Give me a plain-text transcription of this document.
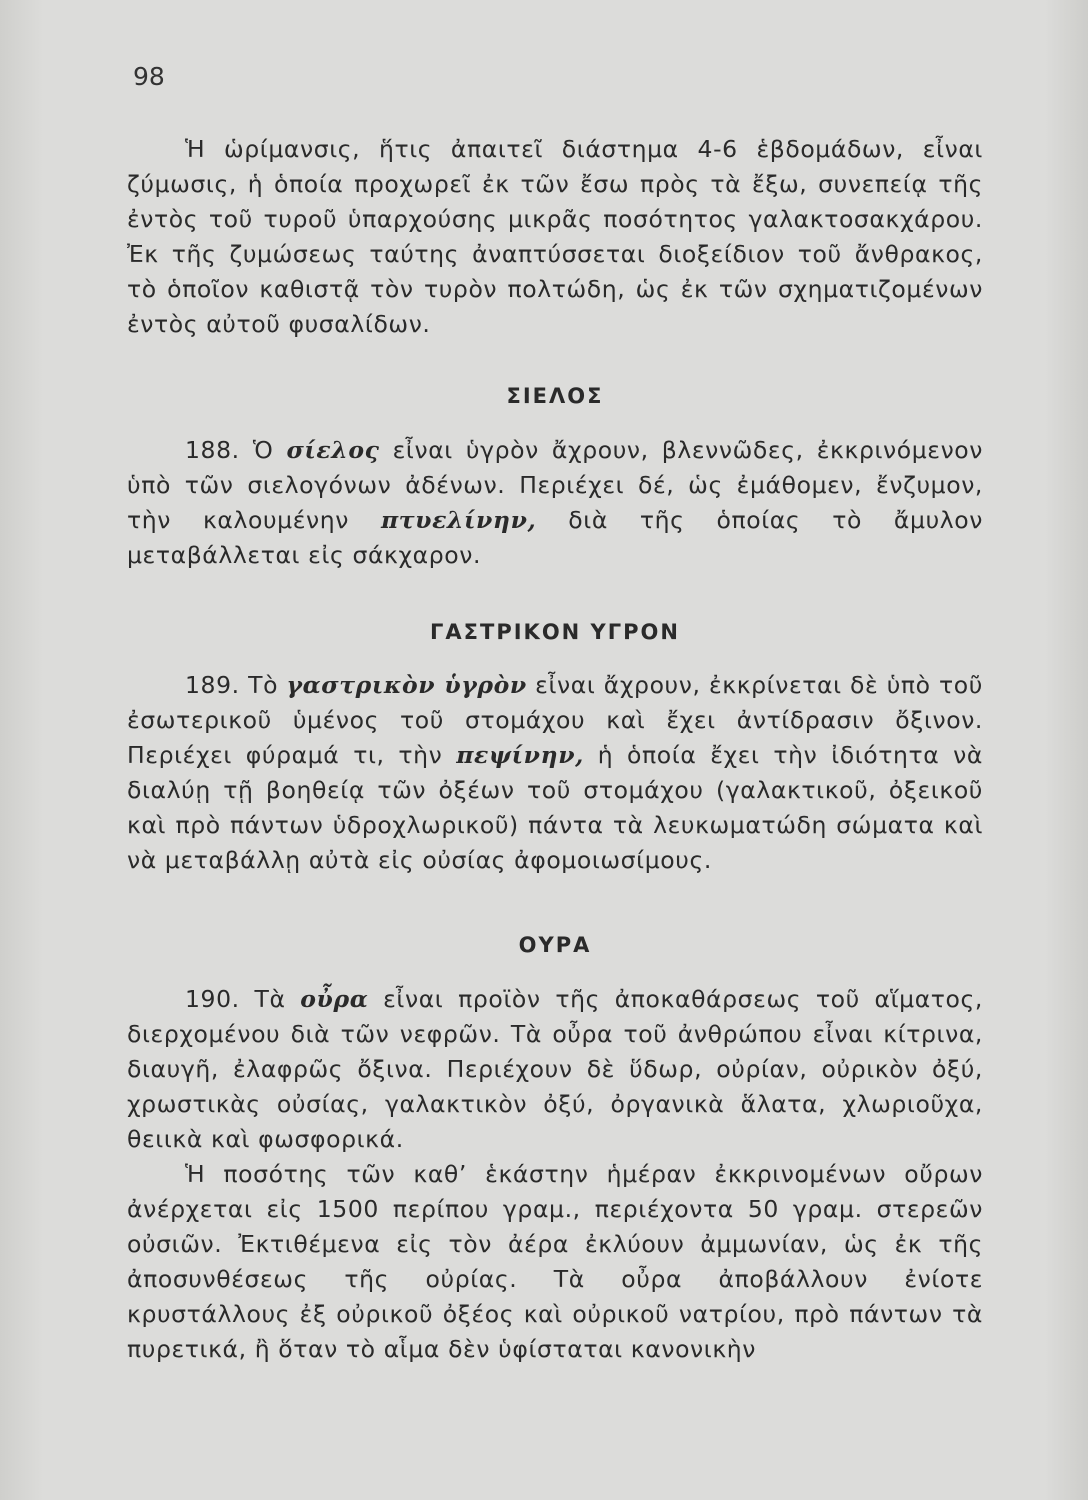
98

Ἡ ὡρίμανσις, ἥτις ἀπαιτεῖ διάστημα 4-6 ἑβδομάδων, εἶναι ζύμωσις, ἡ ὁποία προχωρεῖ ἐκ τῶν ἔσω πρὸς τὰ ἔξω, συνεπείᾳ τῆς ἐντὸς τοῦ τυροῦ ὑπαρχούσης μικρᾶς ποσότητος γαλακτοσακχάρου. Ἐκ τῆς ζυμώσεως ταύτης ἀναπτύσσεται διοξείδιον τοῦ ἄνθρακος, τὸ ὁποῖον καθιστᾷ τὸν τυρὸν πολτώδη, ὡς ἐκ τῶν σχηματιζομένων ἐντὸς αὐτοῦ φυσαλίδων.

ΣΙΕΛΟΣ

188. Ὁ σίελος εἶναι ὑγρὸν ἄχρουν, βλεννῶδες, ἐκκρινόμενον ὑπὸ τῶν σιελογόνων ἀδένων. Περιέχει δέ, ὡς ἐμάθομεν, ἔνζυμον, τὴν καλουμένην πτυελίνην, διὰ τῆς ὁποίας τὸ ἄμυλον μεταβάλλεται εἰς σάκχαρον.

ΓΑΣΤΡΙΚΟΝ ΥΓΡΟΝ

189. Τὸ γαστρικὸν ὑγρὸν εἶναι ἄχρουν, ἐκκρίνεται δὲ ὑπὸ τοῦ ἐσωτερικοῦ ὑμένος τοῦ στομάχου καὶ ἔχει ἀντίδρασιν ὄξινον. Περιέχει φύραμά τι, τὴν πεψίνην, ἡ ὁποία ἔχει τὴν ἰδιότητα νὰ διαλύῃ τῇ βοηθείᾳ τῶν ὀξέων τοῦ στομάχου (γαλακτικοῦ, ὀξεικοῦ καὶ πρὸ πάντων ὑδροχλωρικοῦ) πάντα τὰ λευκωματώδη σώματα καὶ νὰ μεταβάλλῃ αὐτὰ εἰς οὐσίας ἀφομοιωσίμους.

ΟΥΡΑ

190. Τὰ οὖρα εἶναι προϊὸν τῆς ἀποκαθάρσεως τοῦ αἵματος, διερχομένου διὰ τῶν νεφρῶν. Τὰ οὖρα τοῦ ἀνθρώπου εἶναι κίτρινα, διαυγῆ, ἐλαφρῶς ὄξινα. Περιέχουν δὲ ὕδωρ, οὐρίαν, οὐρικὸν ὀξύ, χρωστικὰς οὐσίας, γαλακτικὸν ὀξύ, ὀργανικὰ ἅλατα, χλωριοῦχα, θειικὰ καὶ φωσφορικά.

Ἡ ποσότης τῶν καθ’ ἑκάστην ἡμέραν ἐκκρινομένων οὔρων ἀνέρχεται εἰς 1500 περίπου γραμ., περιέχοντα 50 γραμ. στερεῶν οὐσιῶν. Ἐκτιθέμενα εἰς τὸν ἀέρα ἐκλύουν ἀμμωνίαν, ὡς ἐκ τῆς ἀποσυνθέσεως τῆς οὐρίας. Τὰ οὖρα ἀποβάλλουν ἐνίοτε κρυστάλλους ἐξ οὐρικοῦ ὀξέος καὶ οὐρικοῦ νατρίου, πρὸ πάντων τὰ πυρετικά, ἢ ὅταν τὸ αἷμα δὲν ὑφίσταται κανονικὴν
